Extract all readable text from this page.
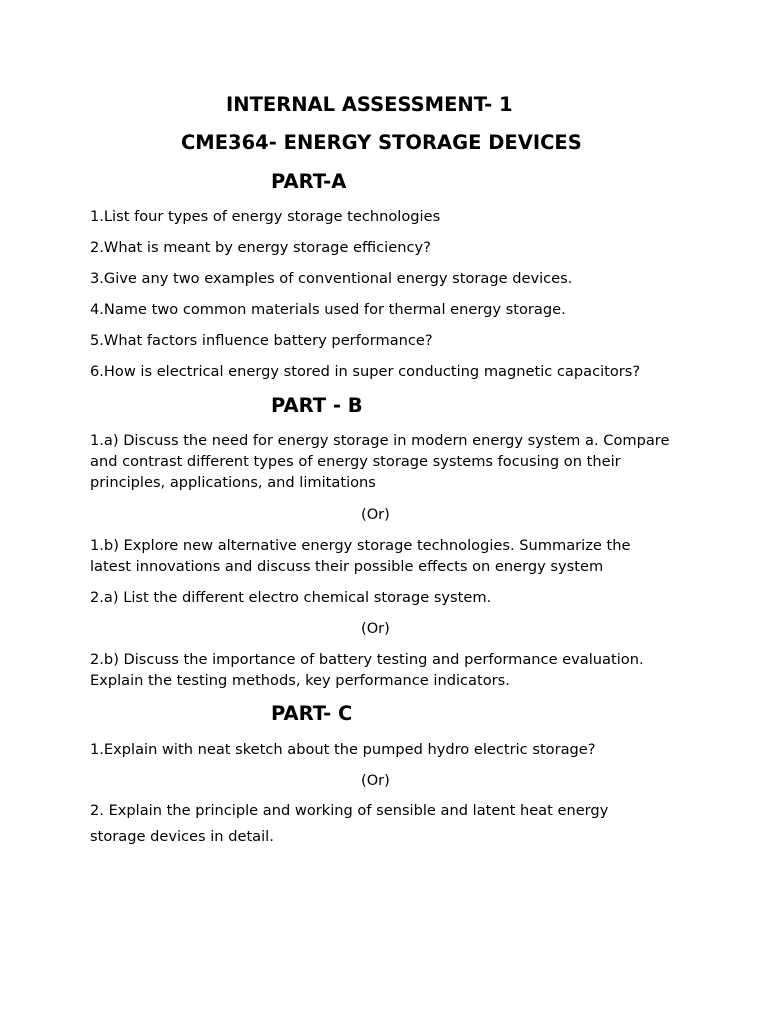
INTERNAL ASSESSMENT- 1
CME364- ENERGY STORAGE DEVICES
PART-A
1.List four types of energy storage technologies
2.What is meant by energy storage efficiency?
3.Give any two examples of conventional energy storage devices.
4.Name two common materials used for thermal energy storage.
5.What factors influence battery performance?
6.How is electrical energy stored in super conducting magnetic capacitors?
PART - B
1.a) Discuss the need for energy storage in modern energy system a. Compare and contrast different types of energy storage systems focusing on their principles, applications, and limitations
(Or)
1.b) Explore new alternative energy storage technologies. Summarize the latest innovations and discuss their possible effects on energy system
2.a) List the different electro chemical storage system.
(Or)
2.b) Discuss the importance of battery testing and performance evaluation. Explain the testing methods, key performance indicators.
PART- C
1.Explain with neat sketch about the pumped hydro electric storage?
(Or)
2. Explain the principle and working of sensible and latent heat energy storage devices in detail.
